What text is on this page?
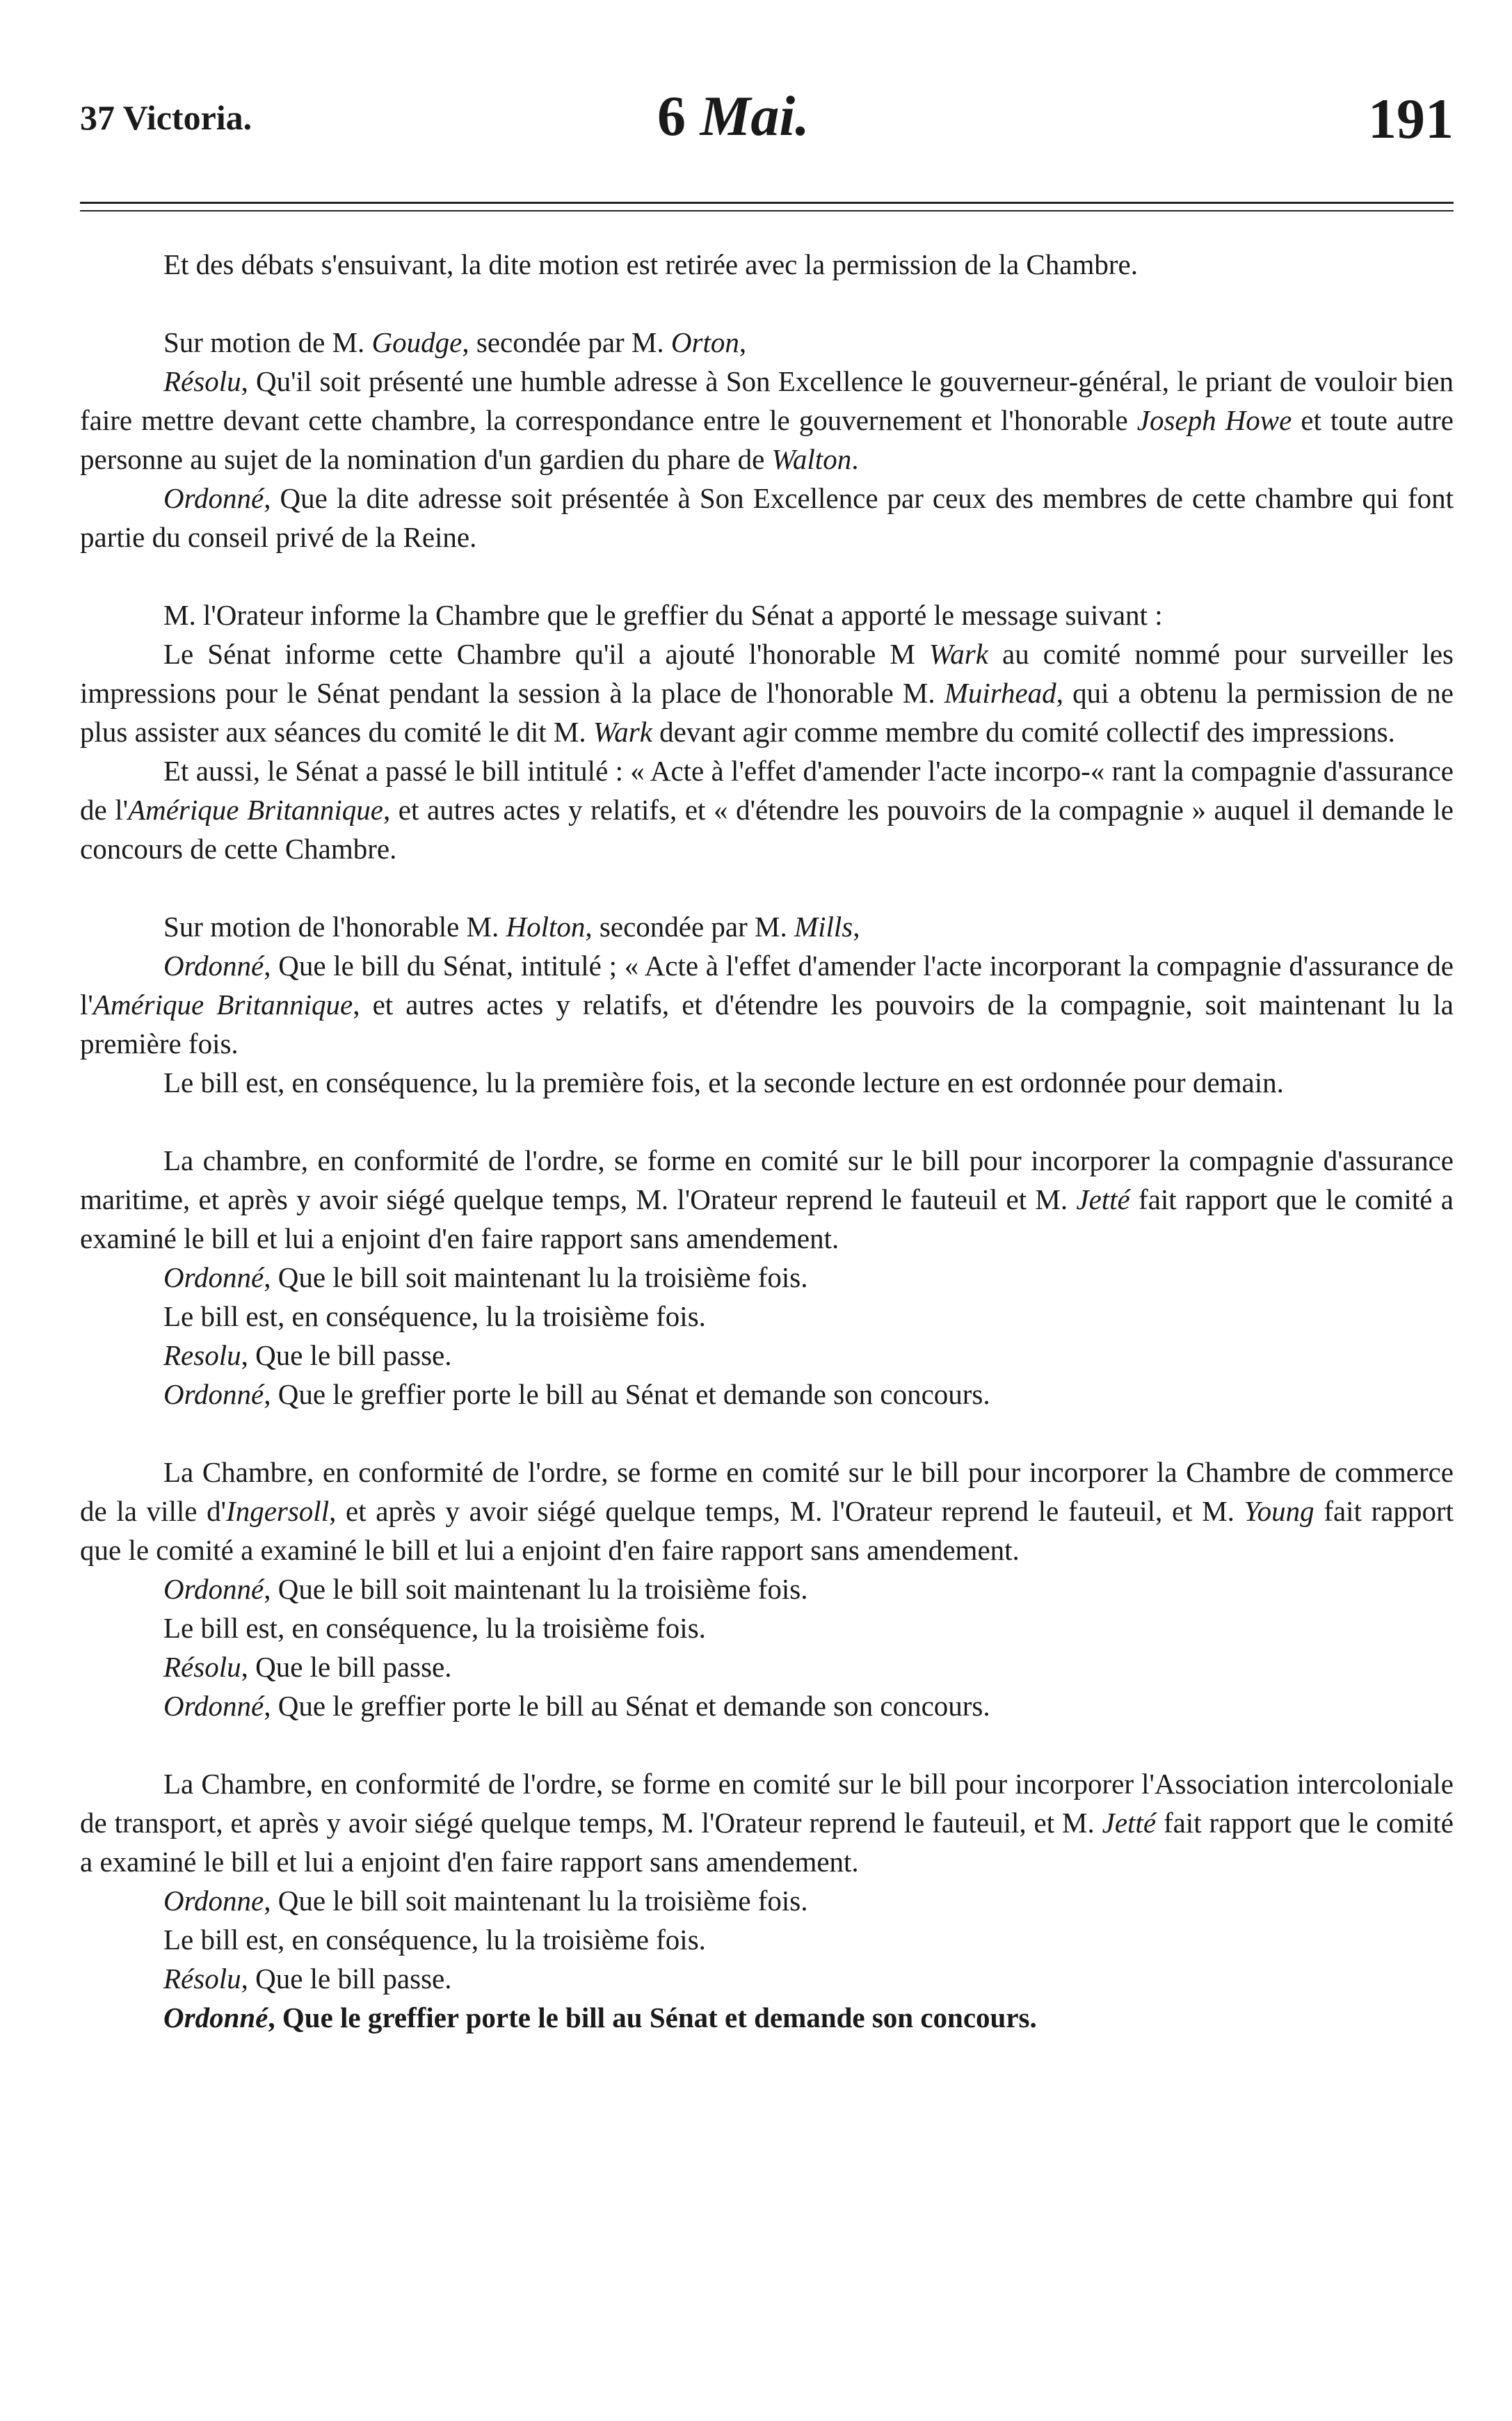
37 Victoria.	6 Mai.	191

Et des débats s'ensuivant, la dite motion est retirée avec la permission de la Chambre.

Sur motion de M. Goudge, secondée par M. Orton,

Résolu, Qu'il soit présenté une humble adresse à Son Excellence le gouverneur-général, le priant de vouloir bien faire mettre devant cette chambre, la correspondance entre le gouvernement et l'honorable Joseph Howe et toute autre personne au sujet de la nomination d'un gardien du phare de Walton.

Ordonné, Que la dite adresse soit présentée à Son Excellence par ceux des membres de cette chambre qui font partie du conseil privé de la Reine.

M. l'Orateur informe la Chambre que le greffier du Sénat a apporté le message suivant :

Le Sénat informe cette Chambre qu'il a ajouté l'honorable M Wark au comité nommé pour surveiller les impressions pour le Sénat pendant la session à la place de l'honorable M. Muirhead, qui a obtenu la permission de ne plus assister aux séances du comité le dit M. Wark devant agir comme membre du comité collectif des impressions.

Et aussi, le Sénat a passé le bill intitulé : « Acte à l'effet d'amender l'acte incorpo-« rant la compagnie d'assurance de l'Amérique Britannique, et autres actes y relatifs, et « d'étendre les pouvoirs de la compagnie » auquel il demande le concours de cette Chambre.

Sur motion de l'honorable M. Holton, secondée par M. Mills,

Ordonné, Que le bill du Sénat, intitulé ; « Acte à l'effet d'amender l'acte incorporant la compagnie d'assurance de l'Amérique Britannique, et autres actes y relatifs, et d'étendre les pouvoirs de la compagnie, soit maintenant lu la première fois.

Le bill est, en conséquence, lu la première fois, et la seconde lecture en est ordonnée pour demain.

La chambre, en conformité de l'ordre, se forme en comité sur le bill pour incorporer la compagnie d'assurance maritime, et après y avoir siégé quelque temps, M. l'Orateur reprend le fauteuil et M. Jetté fait rapport que le comité a examiné le bill et lui a enjoint d'en faire rapport sans amendement.

Ordonné, Que le bill soit maintenant lu la troisième fois.

Le bill est, en conséquence, lu la troisième fois.

Resolu, Que le bill passe.

Ordonné, Que le greffier porte le bill au Sénat et demande son concours.

La Chambre, en conformité de l'ordre, se forme en comité sur le bill pour incorporer la Chambre de commerce de la ville d'Ingersoll, et après y avoir siégé quelque temps, M. l'Orateur reprend le fauteuil, et M. Young fait rapport que le comité a examiné le bill et lui a enjoint d'en faire rapport sans amendement.

Ordonné, Que le bill soit maintenant lu la troisième fois.

Le bill est, en conséquence, lu la troisième fois.

Résolu, Que le bill passe.

Ordonné, Que le greffier porte le bill au Sénat et demande son concours.

La Chambre, en conformité de l'ordre, se forme en comité sur le bill pour incorporer l'Association intercoloniale de transport, et après y avoir siégé quelque temps, M. l'Orateur reprend le fauteuil, et M. Jetté fait rapport que le comité a examiné le bill et lui a enjoint d'en faire rapport sans amendement.

Ordonne, Que le bill soit maintenant lu la troisième fois.

Le bill est, en conséquence, lu la troisième fois.

Résolu, Que le bill passe.

Ordonné, Que le greffier porte le bill au Sénat et demande son concours.
